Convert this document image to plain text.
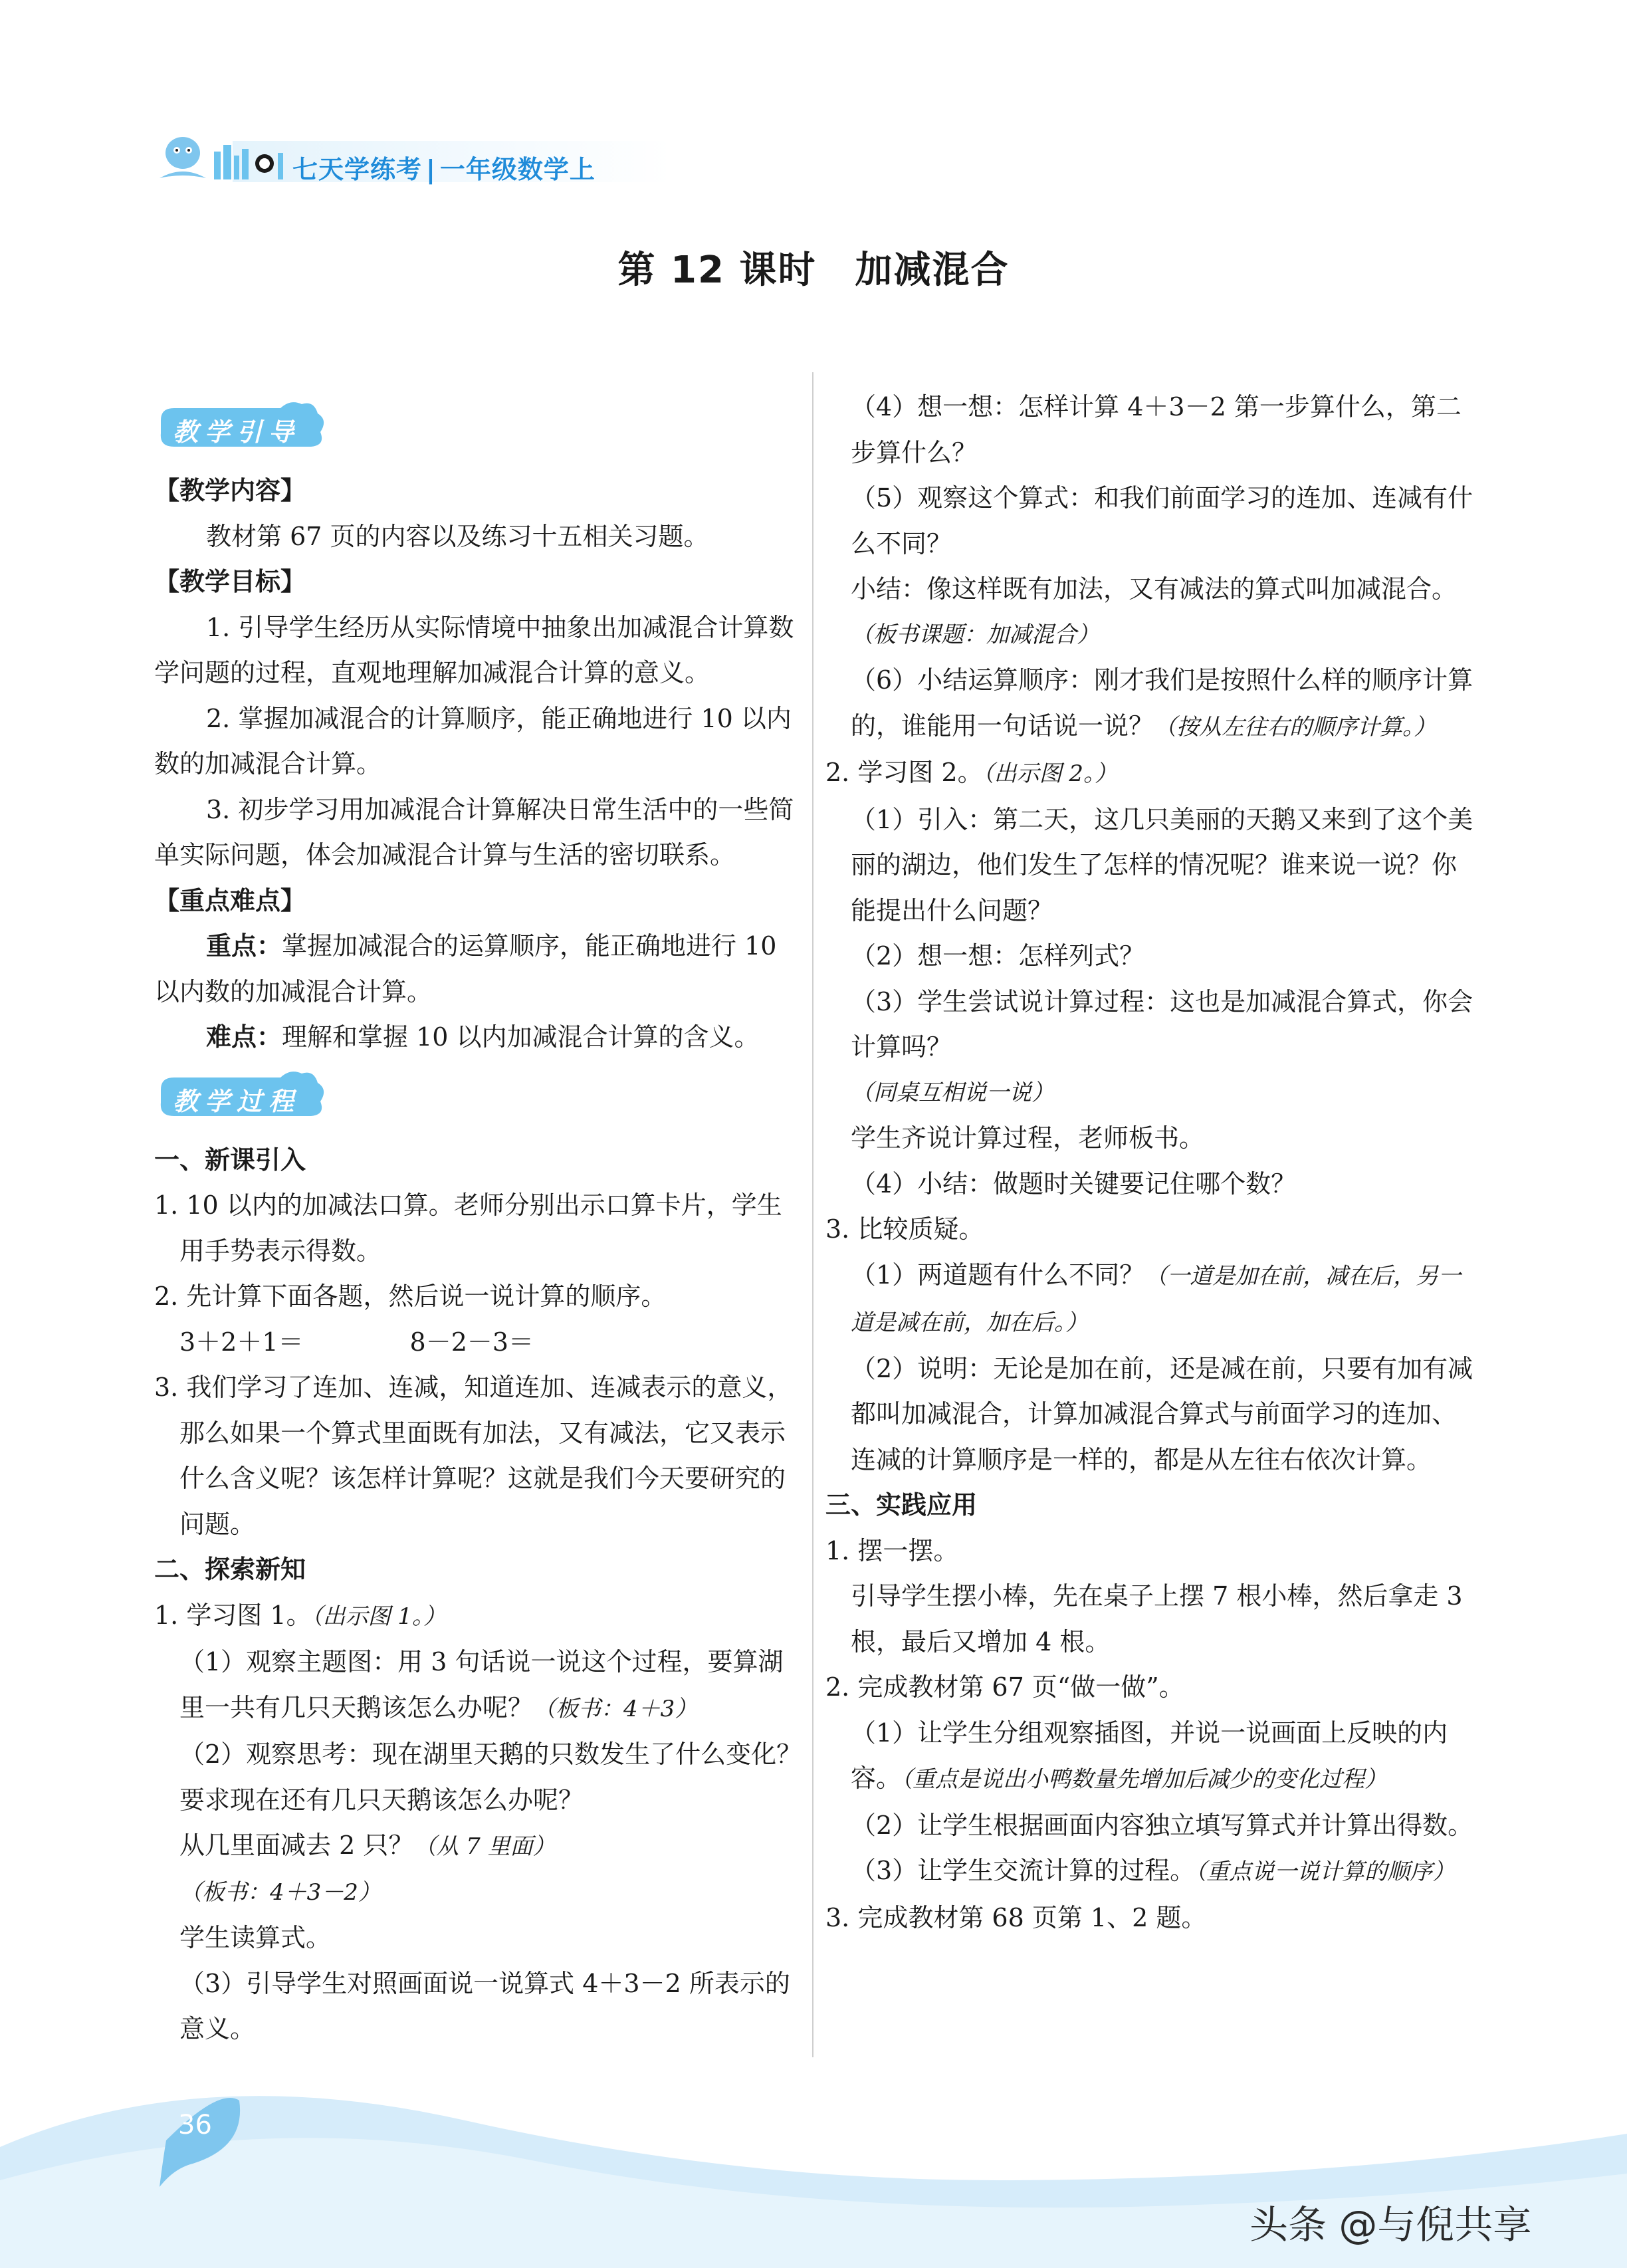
七天学练考 | 一年级数学上
第 12 课时　加减混合
教学引导

【教学内容】

教材第 67 页的内容以及练习十五相关习题。

【教学目标】

1. 引导学生经历从实际情境中抽象出加减混合计算数学问题的过程，直观地理解加减混合计算的意义。

2. 掌握加减混合的计算顺序，能正确地进行 10 以内数的加减混合计算。

3. 初步学习用加减混合计算解决日常生活中的一些简单实际问题，体会加减混合计算与生活的密切联系。

【重点难点】

重点：掌握加减混合的运算顺序，能正确地进行 10 以内数的加减混合计算。

难点：理解和掌握 10 以内加减混合计算的含义。

教学过程

一、新课引入

1. 10 以内的加减法口算。老师分别出示口算卡片，学生用手势表示得数。

2. 先计算下面各题，然后说一说计算的顺序。

3＋2＋1＝	8－2－3＝

3. 我们学习了连加、连减，知道连加、连减表示的意义，那么如果一个算式里面既有加法，又有减法，它又表示什么含义呢？该怎样计算呢？这就是我们今天要研究的问题。

二、探索新知

1. 学习图 1。（出示图 1。）

（1）观察主题图：用 3 句话说一说这个过程，要算湖里一共有几只天鹅该怎么办呢？（板书：4＋3）

（2）观察思考：现在湖里天鹅的只数发生了什么变化？要求现在还有几只天鹅该怎么办呢？

从几里面减去 2 只？（从 7 里面）

（板书：4＋3－2）

学生读算式。

（3）引导学生对照画面说一说算式 4＋3－2 所表示的意义。

（4）想一想：怎样计算 4＋3－2 第一步算什么，第二步算什么？

（5）观察这个算式：和我们前面学习的连加、连减有什么不同？

小结：像这样既有加法，又有减法的算式叫加减混合。

（板书课题：加减混合）

（6）小结运算顺序：刚才我们是按照什么样的顺序计算的，谁能用一句话说一说？（按从左往右的顺序计算。）

2. 学习图 2。（出示图 2。）

（1）引入：第二天，这几只美丽的天鹅又来到了这个美丽的湖边，他们发生了怎样的情况呢？谁来说一说？你能提出什么问题？

（2）想一想：怎样列式？

（3）学生尝试说计算过程：这也是加减混合算式，你会计算吗？

（同桌互相说一说）

学生齐说计算过程，老师板书。

（4）小结：做题时关键要记住哪个数？

3. 比较质疑。

（1）两道题有什么不同？（一道是加在前，减在后，另一道是减在前，加在后。）

（2）说明：无论是加在前，还是减在前，只要有加有减都叫加减混合，计算加减混合算式与前面学习的连加、连减的计算顺序是一样的，都是从左往右依次计算。

三、实践应用

1. 摆一摆。

引导学生摆小棒，先在桌子上摆 7 根小棒，然后拿走 3 根，最后又增加 4 根。

2. 完成教材第 67 页“做一做”。

（1）让学生分组观察插图，并说一说画面上反映的内容。（重点是说出小鸭数量先增加后减少的变化过程）

（2）让学生根据画面内容独立填写算式并计算出得数。

（3）让学生交流计算的过程。（重点说一说计算的顺序）

3. 完成教材第 68 页第 1、2 题。

36
头条 @与倪共享
